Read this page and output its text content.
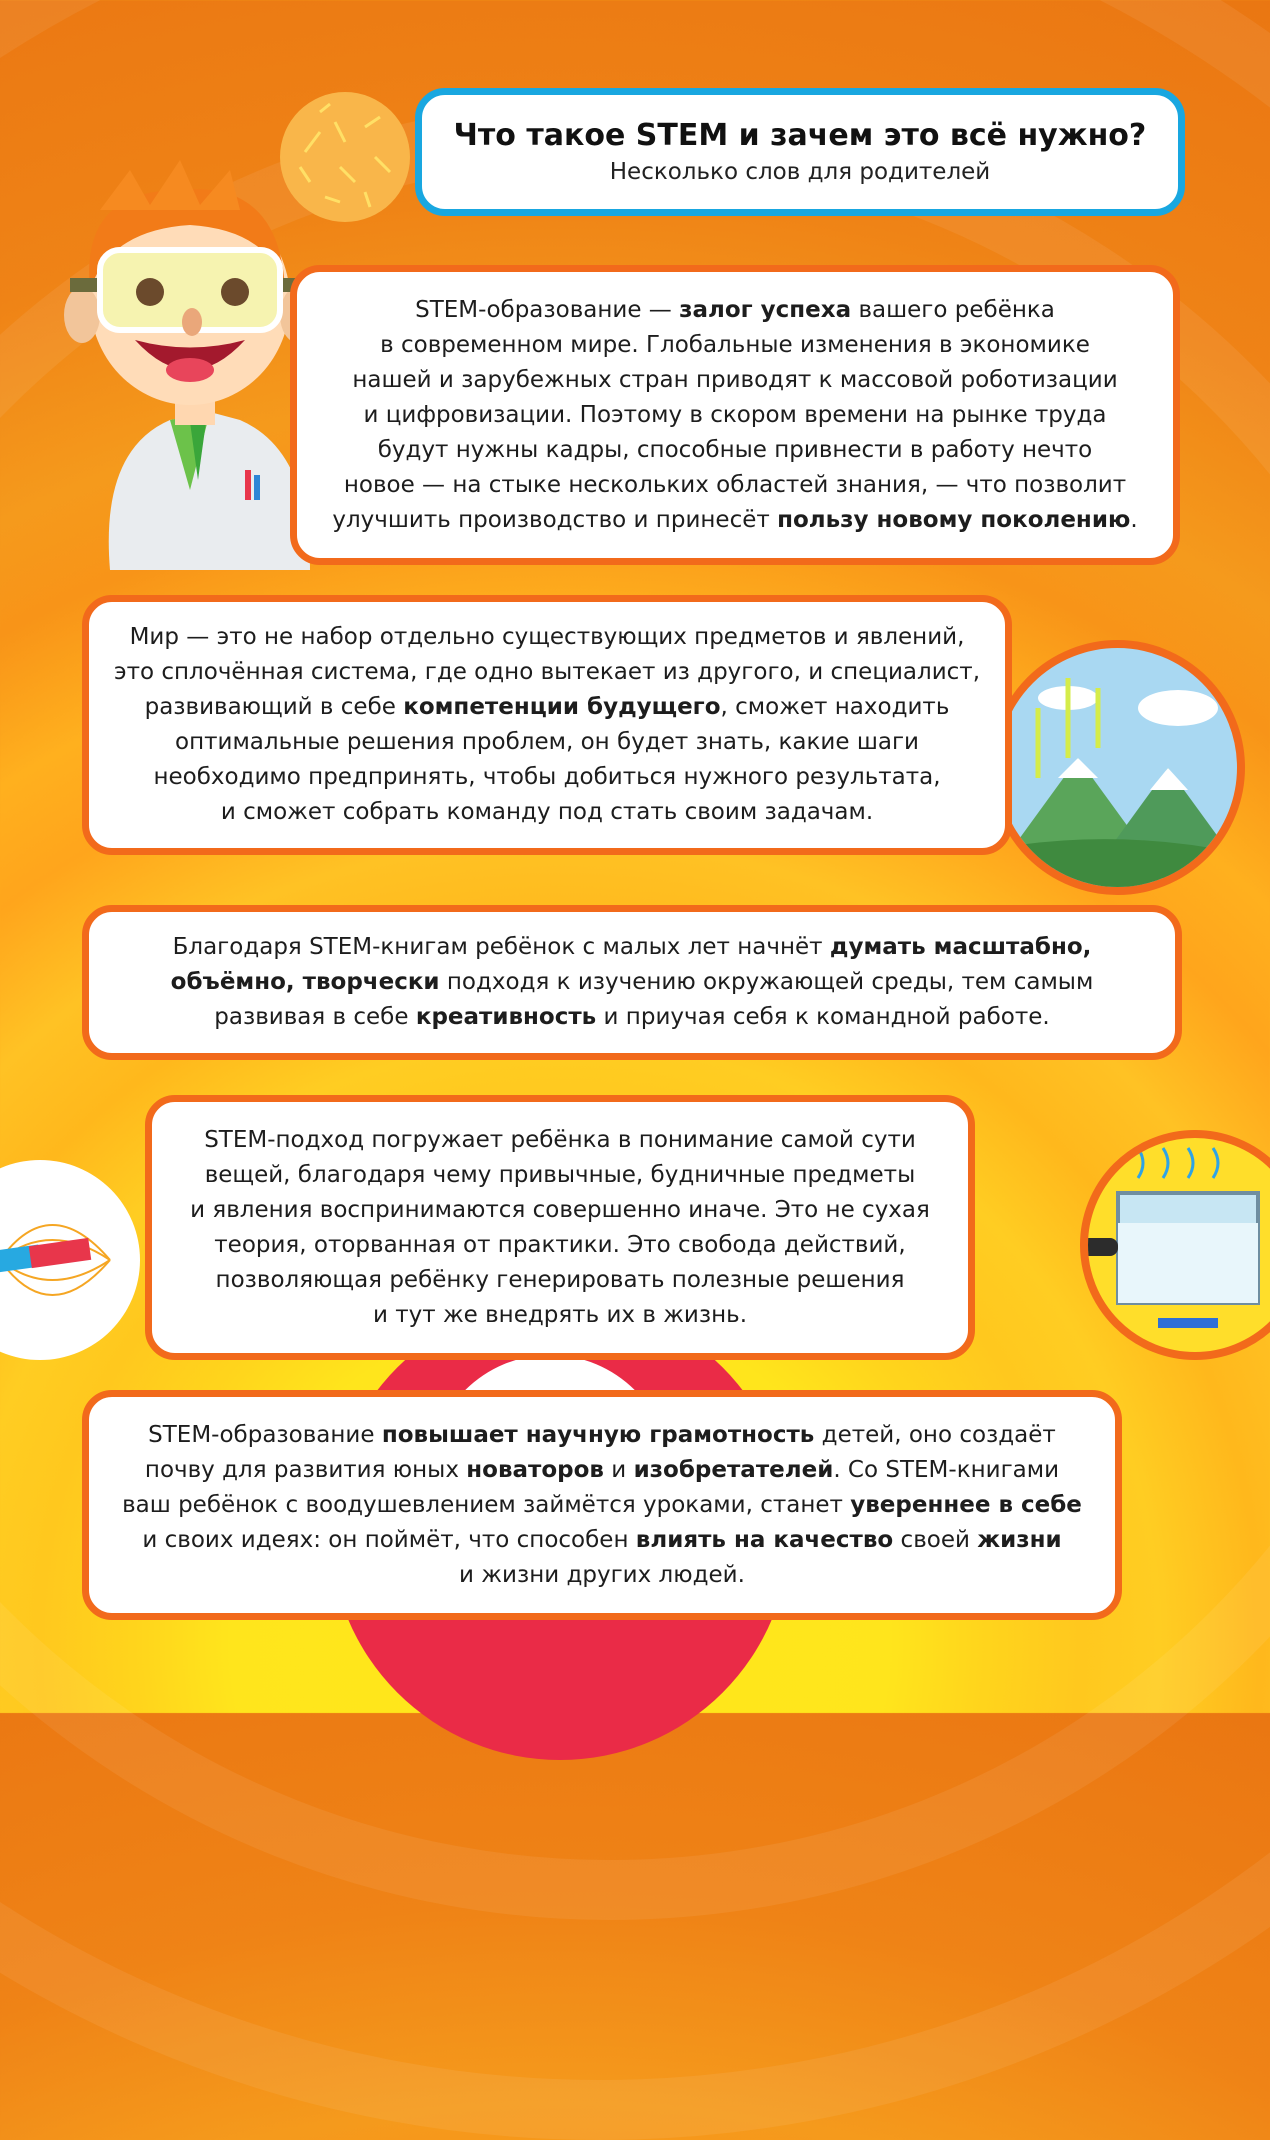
Что такое STEM и зачем это всё нужно?
Несколько слов для родителей

STEM-образование — залог успеха вашего ребёнка
в современном мире. Глобальные изменения в экономике
нашей и зарубежных стран приводят к массовой роботизации
и цифровизации. Поэтому в скором времени на рынке труда
будут нужны кадры, способные привнести в работу нечто
новое — на стыке нескольких областей знания, — что позволит
улучшить производство и принесёт пользу новому поколению.

Мир — это не набор отдельно существующих предметов и явлений,
это сплочённая система, где одно вытекает из другого, и специалист,
развивающий в себе компетенции будущего, сможет находить
оптимальные решения проблем, он будет знать, какие шаги
необходимо предпринять, чтобы добиться нужного результата,
и сможет собрать команду под стать своим задачам.

Благодаря STEM-книгам ребёнок с малых лет начнёт думать масштабно,
объёмно, творчески подходя к изучению окружающей среды, тем самым
развивая в себе креативность и приучая себя к командной работе.

STEM-подход погружает ребёнка в понимание самой сути
вещей, благодаря чему привычные, будничные предметы
и явления воспринимаются совершенно иначе. Это не сухая
теория, оторванная от практики. Это свобода действий,
позволяющая ребёнку генерировать полезные решения
и тут же внедрять их в жизнь.

STEM-образование повышает научную грамотность детей, оно создаёт
почву для развития юных новаторов и изобретателей. Со STEM-книгами
ваш ребёнок с воодушевлением займётся уроками, станет увереннее в себе
и своих идеях: он поймёт, что способен влиять на качество своей жизни
и жизни других людей.
